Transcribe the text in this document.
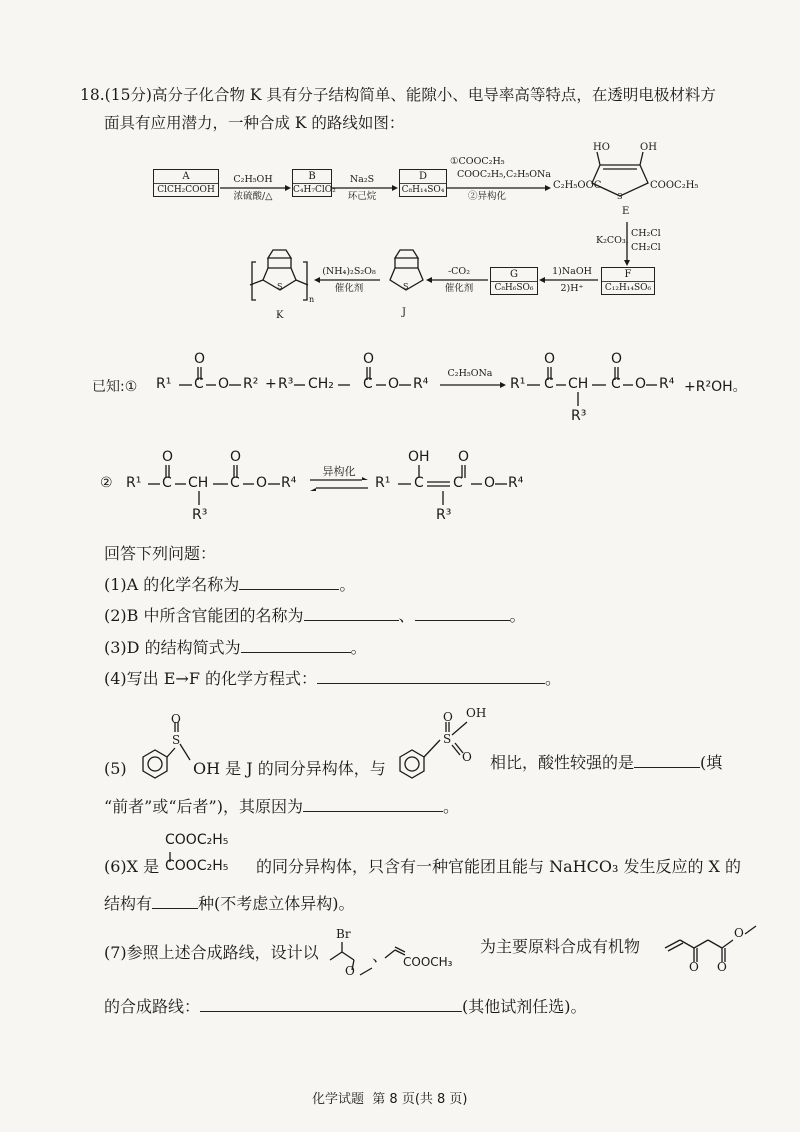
18.(15分)高分子化合物 K 具有分子结构简单、能隙小、电导率高等特点，在透明电极材料方
面具有应用潜力，一种合成 K 的路线如图：
A
ClCH₂COOH
C₂H₅OH
浓硫酸/△
B
C₄H₇ClO₂
Na₂S
环己烷
D
C₈H₁₄SO₄
①COOC₂H₅
COOC₂H₅,C₂H₅ONa
②异构化
HO	OH
C₂H₅OOC	COOC₂H₅
S
E
K₂CO₃,
CH₂Cl
CH₂Cl
F
C₁₂H₁₄SO₆
1)NaOH
2)H⁺
G
C₈H₆SO₆
-CO₂
催化剂
S
J
(NH₄)₂S₂O₈
催化剂
S
n
K
已知:① R¹
O
C O R² + R³ CH₂
O
C O R⁴
C₂H₅ONa
R¹
O
C CH
R³
O
C O R⁴ +R²OH。
② R¹
O
C CH
R³
O
C O R⁴
异构化
R¹
OH
C C
R³
O
O R⁴
回答下列问题：
(1)A 的化学名称为	。
(2)B 中所含官能团的名称为	、	。
(3)D 的结构简式为	。
(4)写出 E→F 的化学方程式：	。
(5)
O
S
OH 是 J 的同分异构体，与
O
S
O
OH
相比，酸性较强的是	(填
“前者”或“后者”)，其原因为	。
COOC₂H₅
(6)X 是 COOC₂H₅ 的同分异构体，只含有一种官能团且能与 NaHCO₃ 发生反应的 X 的
结构有	种(不考虑立体异构)。
(7)参照上述合成路线，设计以
Br
O
、 COOCH₃
为主要原料合成有机物
O O
O
的合成路线：	(其他试剂任选)。
化学试题 第 8 页(共 8 页)
